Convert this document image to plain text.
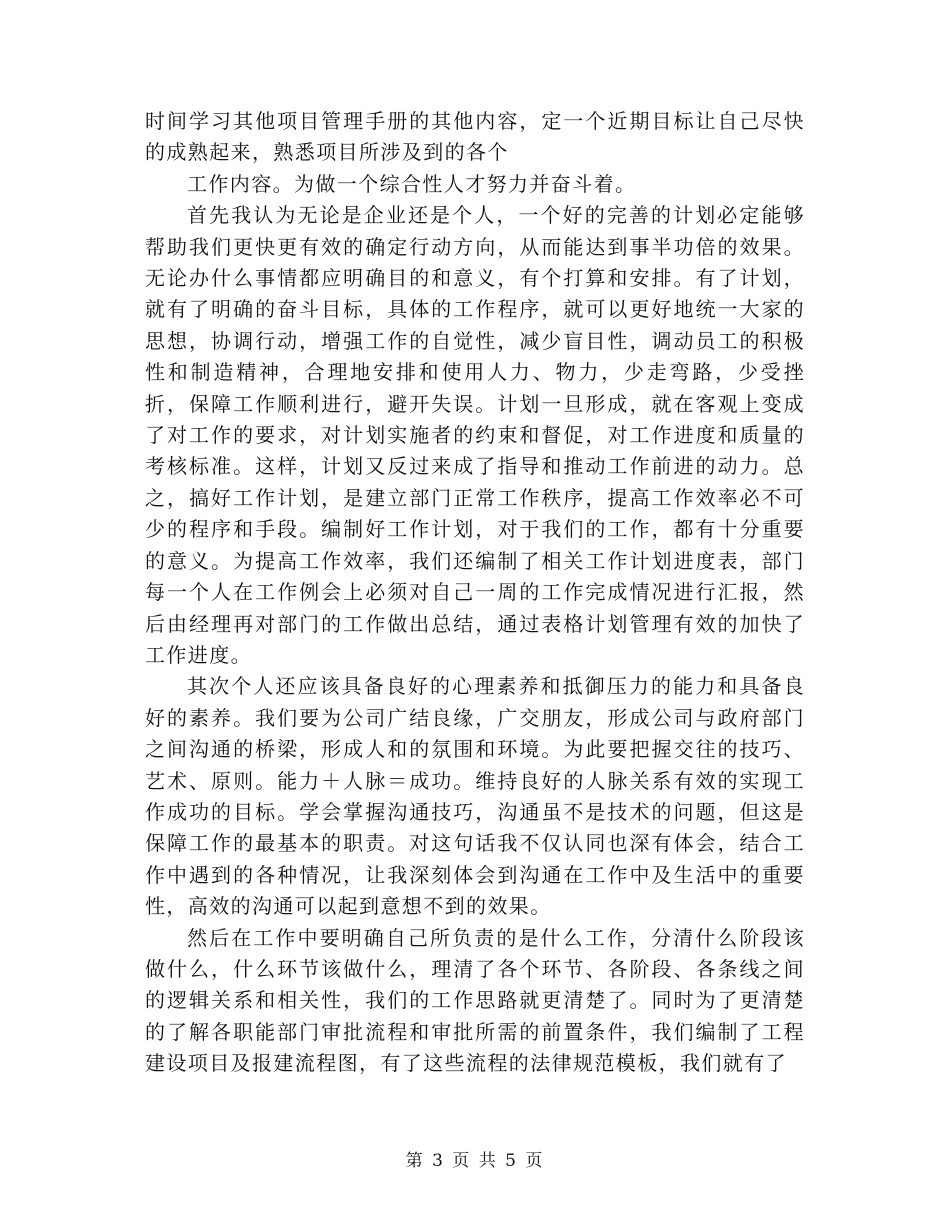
时间学习其他项目管理手册的其他内容，定一个近期目标让自己尽快的成熟起来，熟悉项目所涉及到的各个

工作内容。为做一个综合性人才努力并奋斗着。

首先我认为无论是企业还是个人，一个好的完善的计划必定能够帮助我们更快更有效的确定行动方向，从而能达到事半功倍的效果。无论办什么事情都应明确目的和意义，有个打算和安排。有了计划，就有了明确的奋斗目标，具体的工作程序，就可以更好地统一大家的思想，协调行动，增强工作的自觉性，减少盲目性，调动员工的积极性和制造精神，合理地安排和使用人力、物力，少走弯路，少受挫折，保障工作顺利进行，避开失误。计划一旦形成，就在客观上变成了对工作的要求，对计划实施者的约束和督促，对工作进度和质量的考核标准。这样，计划又反过来成了指导和推动工作前进的动力。总之，搞好工作计划，是建立部门正常工作秩序，提高工作效率必不可少的程序和手段。编制好工作计划，对于我们的工作，都有十分重要的意义。为提高工作效率，我们还编制了相关工作计划进度表，部门每一个人在工作例会上必须对自己一周的工作完成情况进行汇报，然后由经理再对部门的工作做出总结，通过表格计划管理有效的加快了工作进度。

其次个人还应该具备良好的心理素养和抵御压力的能力和具备良好的素养。我们要为公司广结良缘，广交朋友，形成公司与政府部门之间沟通的桥梁，形成人和的氛围和环境。为此要把握交往的技巧、艺术、原则。能力＋人脉＝成功。维持良好的人脉关系有效的实现工作成功的目标。学会掌握沟通技巧，沟通虽不是技术的问题，但这是保障工作的最基本的职责。对这句话我不仅认同也深有体会，结合工作中遇到的各种情况，让我深刻体会到沟通在工作中及生活中的重要性，高效的沟通可以起到意想不到的效果。

然后在工作中要明确自己所负责的是什么工作，分清什么阶段该做什么，什么环节该做什么，理清了各个环节、各阶段、各条线之间的逻辑关系和相关性，我们的工作思路就更清楚了。同时为了更清楚的了解各职能部门审批流程和审批所需的前置条件，我们编制了工程建设项目及报建流程图，有了这些流程的法律规范模板，我们就有了

第 3 页 共 5 页
